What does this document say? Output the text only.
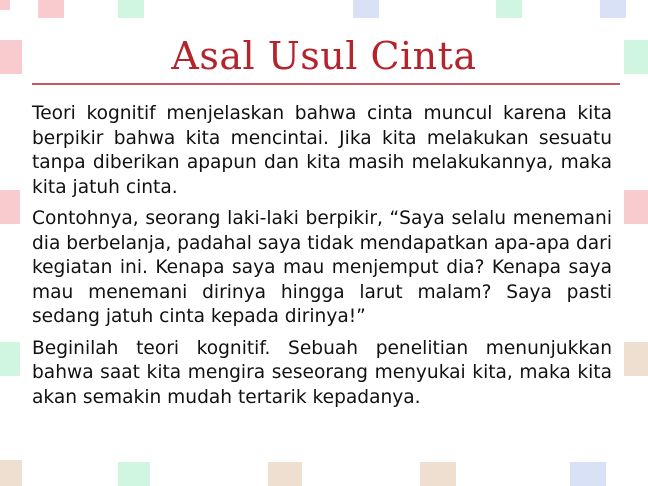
Asal Usul Cinta

Teori kognitif menjelaskan bahwa cinta muncul karena kita berpikir bahwa kita mencintai. Jika kita melakukan sesuatu tanpa diberikan apapun dan kita masih melakukannya, maka kita jatuh cinta.

Contohnya, seorang laki-laki berpikir, “Saya selalu menemani dia berbelanja, padahal saya tidak mendapatkan apa-apa dari kegiatan ini. Kenapa saya mau menjemput dia? Kenapa saya mau menemani dirinya hingga larut malam? Saya pasti sedang jatuh cinta kepada dirinya!”

Beginilah teori kognitif. Sebuah penelitian menunjukkan bahwa saat kita mengira seseorang menyukai kita, maka kita akan semakin mudah tertarik kepadanya.
